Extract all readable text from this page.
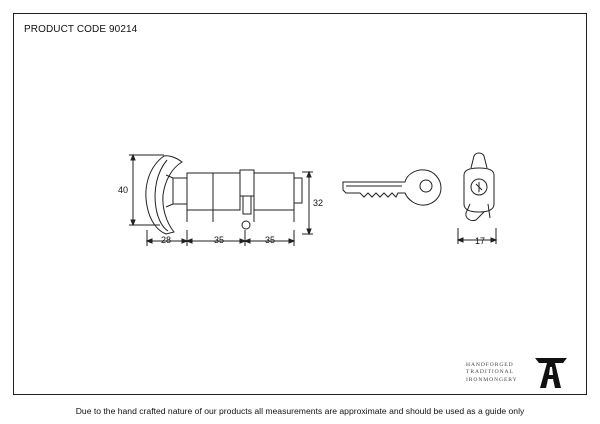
PRODUCT CODE 90214
40
32
28	35	35	17
HANDFORGED
TRADITIONAL
IRONMONGERY
Due to the hand crafted nature of our products all measurements are approximate and should be used as a guide only
